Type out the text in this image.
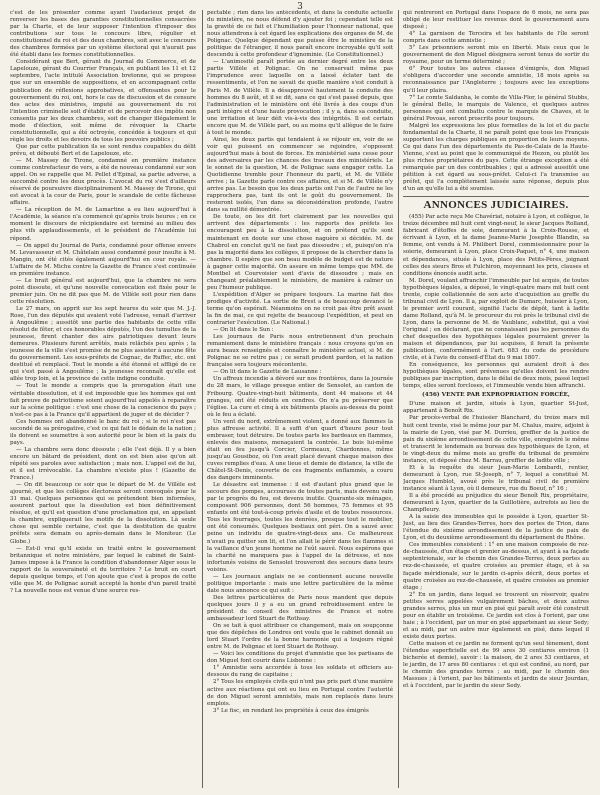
3

c'est de les présenter comme ayant l'audacieux projet de renverser les bases des garanties constitutionnelles consacrées par la Charte, et de leur supposer l'intention d'imposer des contributions sur tous le concours libre, régulier et constitutionnel du roi et des deux chambres, soit avec le concours des chambres formées par un système électoral qui n'aurait pas été établi dans les formes constitutionnelles.

Considérant que Bert, gérant du Journal du Commerce, et de Lapelouze, gérant du Courrier Français, en publiant les 11 et 12 septembre, l'acte intitulé Association bretonne, qui se propose que sur un ensemble de suppositions, et en accompagnant cette publication de réflexions approbatives, et offensantes pour le gouvernement du roi, ont, hors le cas de discussion et de censure des actes des ministres, imputé au gouvernement du roi l'intention criminelle soit d'établir et de percevoir des impôts non consentis par les deux chambres, soit de changer illégalement le mode d'élection, soit même de révoquer la Charte constitutionnelle, qui a été octroyée, concédée à toujours et qui règle les droits et les devoirs de tous les pouvoirs publics ;

Que par cette publication ils se sont rendus coupables du délit prévu, et débouté Bert et de Lapelouze, etc.

— M. Massey de Tirone, condamné en première instance comme contrefacteur de vers, a été de nouveau condamné sur son appel. On se rappelle que M. Pellet d'Epinal, sa partie adverse, a succombé contre les deux procès. L'avocat du roi s'est d'ailleurs réservé de poursuivre disciplinairement M. Massey de Tirone, qui est avocat à la cour de Paris, pour le scandale de cette fâcheuse affaire.

— La réception de M. de Lamartine a eu lieu aujourd'hui à l'Académie, la séance n'a commencé qu'après trois heures ; en ce moment le discours de récipiendaire est terminé au milieu des plus vifs applaudissements, et le président de l'Académie lui répond.

— On appel du Journal de Paris, condamné pour offense envers M. Levavasseur et M. Châtelain aussi condamné pour insulte à M. Mangin, ont été cités également aujourd'hui en cour royale. — L'affaire de M. Michu contre la Gazette de France s'est continuée en première instance.

— Le brait général est aujourd'hui, que la chambre ne sera point dissoute, et qu'une nouvelle convocation est fixée pour le premier juin. On ne dit pas que M. de Villèle soit pour rien dans cette résolution.

Le 27 mars, on apprit sur les sept heures du soir que M. J.-J. Rose, l'un des députés qui avaient voté l'adresse, venait d'arriver à Angoulême ; aussitôt une partie des habitants de cette ville résolut de fêter, et ces honorables députés, l'un des tumultes de la jeunesse, firent chanter des airs patriotiques devant leurs demeures. Plusieurs furent arrêtés, mais relâchés peu après ; la jeunesse de la ville s'est promise de ne plus assister à aucune fête du gouvernement. Les sous-préfets de Cognac, de Ruffec, etc. ont destitué et remplacé. Tout le monde a été étonné et affligé de ce qui s'est passé à Angoulême ; la jeunesse reconnaît qu'elle est allée trop loin, et la province de cette indigne conduite.

— Tout le monde a compris que la prorogation était une véritable dissolution, et il est impossible que les hommes qui ont fait preuve de patriotisme soient aujourd'hui appelés à reparaître sur la scène politique : c'est une chose de la conscience du pays ; n'est-ce pas à la France qu'il appartient de juger et de décider ?

Ces hommes ont abandonné le banc du roi ; si le roi n'est pas secondé de sa prérogative, c'est ce qui fait le dédain de la nation ; ils doivent se soumettre à son autorité pour le bien et la paix du pays.

— La chambre sera donc dissoute ; elle l'est déjà. Il y a bien encore un bâtard de président, dont on est bien aise qu'on ait répété ses paroles avec satisfaction ; mais non. L'appel est de lui, et il est irrévocable. La chambre n'existe plus ! (Gazette de France.)

— On dit beaucoup ce soir que le départ de M. de Villèle est ajourné, et que les collèges électoraux seront convoqués pour le 31 mai. Quelques personnes qui se prétendent bien informées, assurent partout que la dissolution est bien définitivement résolue, et qu'il est question d'une proclamation qui, en appelant la chambre, expliquerait les motifs de la dissolution. Là seule chose qui semble certaine, c'est que la destitution de quatre préfets sera demain ou après-demain dans le Moniteur. (Le Globe.)

— Est-il vrai qu'il existe un traité entre le gouvernement britannique et notre ministère, par lequel le cabinet de Saint-James impose à la France la condition d'abandonner Alger sous le rapport de la souveraineté et du territoire ? Le bruit en court depuis quelque temps, et l'on ajoute que c'est à propos de cette ville que M. de Polignac aurait accepté la honte d'un pareil traité ? La nouvelle nous est venue d'une source res-

pectable ; rien dans les antécédents, et dans la conduite actuelle du ministère, ne nous défend d'y ajouter foi ; cependant telle est la gravité de ce fait et l'humiliation pour l'honneur national, que nous attendrons à cet égard les explications des organes de M. de Polignac. Quelque dépendant que puisse être le ministère de la politique de l'étranger, il nous paraît encore incroyable qu'il soit descendu à cette profondeur d'ignominie. (Le Constitutionnel.)

— L'animosité paraît portée au dernier degré entre les deux partis Villèle et Polignac. On ne conservait même pas l'imprudence avec laquelle on a laissé éclater tant de ressentiments, et l'on ne savait de quelle manière s'est conduit à Paris M. de Villèle. Il a désapprouvé hautement la conduite des hommes du 8 août, et il se dit, sans ce qui s'est passé depuis, que l'administration et le ministère ont été livrés à des coups d'un parti intègre et d'une haute provocation ; il y a, dans sa conduite, une irritation et leur défi vis-à-vis des intégrités. Il est certain encore que M. de Villèle part, ou au moins qu'il allègue de le faire à tout le monde.

Ainsi, les deux partis qui tendaient à se réjouir en, voir de se voir qui puissent en commencer se rejoindre, s'opposent aujourd'hui mais à bout de forces. En ministériel sans cesse pour des adversaires par les chances des travaux des ministériels. Le le sonnet de la question, M. de Polignac sans engager cette. La Quotidienne tremble pour l'honneur du parti, et M. de Villèle arrive ; la Gazette parle contre ces affaires, et si M. de Villèle n'y arrive pas. Le besoin que les deux partis ont l'un de l'autre ne les rapprochera pas, tant ils ont le goût du gouvernement. Ils resteront isolés, l'un dans sa déconsidération profonde, l'autre dans sa nullité démontrée.

De toute, on les dit fort clairement par les nouvelles qui arrivent des départements : les rapports des préfets les encouragent peu à la dissolution, et on prétend qu'ils sont maintenant en doute sur une chose naguère si décidée. M. de Chabrol en conclut qu'il ne faut pas dissoudre ; et, puisqu'on n'a pas la majorité dans les collèges, il propose de la chercher dans la chambre. Il espère que son beau modèle de budget est de nature à gagner cette majorité. On assure en même temps que MM. de Montbel et Courvoisier sont d'avis de dissoudre ; mais en changeant préalablement le ministère, de manière à calmer un peu l'humeur publique.

L'expédition d'Alger se prépare toujours. La marine fait des prodiges d'activité. La sortie de Brest a de beaucoup devancé le terme qu'on espérait. Néanmoins on ne croit pas être prêt avant la fin de mai, ce qui rejette de beaucoup l'expédition, et peut en contrarier l'exécution. (Le National.)

— On lit dans le Sun :

Les journaux de Paris nous entretiennent d'un prochain remaniement dans le ministère français : nous croyons qu'on en aura beaux renseignés et connaître le ministère actuel, si M. de Polignac ne se retire pas ; ce serait prudent pardon, et la nation française sera toujours mécontente.

— On lit dans le Gazette de Lausanne :

Un affreux incendie a dévoré sur nos frontières, dans la journée du 28 mars, le village presque entier de Sensolet, au canton de Fribourg. Quatre-vingt-huit bâtiments, dont 44 maisons et 44 granges, ont été réduits en cendres. On n'a pu préserver que l'église. La cure et cinq à six bâtiments placés au-dessus du point où le feu a éclaté.

Un vent du nord, extrêmement violent, a donné aux flammes la plus affreuse activité. Il a suffi d'un quart d'heure pour tout embraser, tout détruire. De toutes parts les bardeaux en flammes, enlevés des maisons, menaçaient la contrée. Le bois lui-même était en feu jusqu'à Corcier, Cormeaux, Chardonnes, même jusqu'au Gousiboz, où l'on avait placé devant chaque maison des cuves remplies d'eau. A une lieue et demie de distance, la ville de Châtel-St-Denis, couverte de ces fragments enflammés, a couru des dangers imminents.

Le désastre est immense : il est d'autant plus grand que le secours des pompes, accourues de toutes parts, mais devenu vain par le progrès du feu, est devenu inutile. Quarante-six ménages, composant 906 personnes, dont 56 hommes, 75 femmes et 95 enfants ont été tout-à-coup privés d'asile et de toutes ressources. Tous les fourrages, toutes les denrées, presque tout le mobilier, ont été consumés. Quelques bestiaux ont péri. On a sauvé avec peine un individu de quatre-vingt-deux ans. Ce malheureux n'avait pu quitter son lit, et l'on allait le périr dans les flammes si la vaillance d'un jeune homme ne l'eût sauvé. Nous espérons que la charité ne manquera pas à l'appel de la détresse, et nos infortunés voisins de Sensolet trouveront des secours dans leurs voisins.

— Les journaux anglais ne se contiennent aucune nouvelle politique importante : mais une lettre particulière de la même date nous annonce ce qui suit :

Des lettres particulières de Paris nous mandent que depuis quelques jours il y a eu un grand refroidissement entre le président du conseil des ministres de France et notre ambassadeur lord Stuart de Rothsay.

On se tait à quoi attribuer ce changement, mais on soupçonne que des dépêches de Londres ont voulu que le cabinet donnât au lord Stuart l'ordre de la bonne harmonie qui a toujours régné entre M. de Polignac et lord Stuart de Rothsay.

— Voici les conditions du projet d'amnistie que les partisans de don Miguel font courir dans Lisbonne :

1° Amnistie sera accordée à tous les soldats et officiers au-dessous du rang de capitaine ;

2° Tous les employés civils qui n'ont pas pris part d'une manière active aux réactions qui ont eu lieu en Portugal contre l'autorité de don Miguel seront amnistiés, mais non replacés dans leurs emplois.

3° Le fisc, en rendant les propriétés à ceux des émigrés

qui rentreront en Portugal dans l'espace de 6 mois, ne sera pas obligé de leur restituer les revenus dont le gouvernement aura disposé ;

4° La garnison de Terceira et les habitants de l'île seront compris dans cette amnistie ;

5° Les prisonniers seront mis en liberté. Mais ceux que le gouvernement de don Miguel désignera seront tenus de sortir du royaume, pour un terme déterminé ;

6° Pour toutes les autres classes d'émigrés, don Miguel s'obligera d'accorder une seconde amnistie, 18 mois après sa reconnaissance par l'Angleterre ; toujours avec les exceptions qu'il leur plaira.

7° Le comte Saldanha, le comte de Villa-Flor, le général Stubbs, le général Bello, le marquis de Valence, et quelques autres personnes qui ont combattu contre le marquis de Chaves, et le général Povoas, seront proscrits pour toujours.

Malgré les expressions les plus formelles de la loi et du pacte fondamental de la Charte, il ne paraît point que tous les Français supportent les charges publiques en proportion de leurs moyens. Ce qui dans l'un des départements du Pas-de-Calais de la Haute-Vienne, s'est au point que le communiqué de Hezon, ou plutôt les plus riches propriétaires du pays. Cette étrange exception a été remarquée par un des contribuables ; qui a adressé aussitôt une pétition à cet égard au sous-préfet. Celui-ci l'a transmise au préfet, qui l'a complètement laissée sans réponse, depuis plus d'un an qu'elle lui a été soumise.

ANNONCES JUDICIAIRES.

(455) Par acte reçu Me Chavériat, notaire à Lyon, et collègue, le treize décembre mil huit cent vingt-neuf, le sieur Jacques Rolland, fabricant d'étoffes de soie, demeurant à la Croix-Rousse, et écrivant à Lyon, et la dame Jeanne-Marie Josephte Blandin, sa femme, ont vendu à M. Philibert Dorel, commissionnaire pour la soierie, demeurant à Lyon, place Croix-Paquet, n° 4, une maison et dépendances, située à Lyon, place des Petits-Pères, joignant celles des sieurs Bros et Fulchiron, moyennant les prix, clauses et conditions énoncés audit acte.

M. Dorel, voulant affranchir l'immeuble par lui acquis, de toutes hypothèques légales, a déposé, le vingt-quatre mars mil huit cent trente, copie collationnée de son acte d'acquisition au greffe du tribunal civil de Lyon. Il a, par exploit de Dumarc, huissier à Lyon, le premier avril courant, signifié l'acte de dépôt, tant à ladite dame Rolland, qu'à M. le procureur du roi près le tribunal civil de Lyon, dans la personne de M. de Vaublanc, substitut, qui a visé l'original ; en déclarant, que ne connaissant pas les personnes du chef desquelles des hypothèques légales pourraient grever la maison et dépendances, par lui acquises, il ferait la présente publication, conformément à l'art. 683 du code de procédure civile, et à l'avis du conseil-d'État du 9 mai 1807.

En conséquence, les personnes qui auraient droit à des hypothèques légales, sont prévenues qu'elles doivent les rendre publiques par inscription, dans le délai de deux mois, passé lequel temps, elles seront forcloses, et l'immeuble vendu bien affranchi.

(456) VENTE PAR EXPROPRIATION FORCÉE,

D'une maison et jardin, situés à Lyon, quartier St-Just, appartenant à Benoît Rix.

Par procès-verbal de l'huissier Blanchard, du treize mars mil huit cent trente, visé le même jour par M. Chalus, maire, adjoint à la mairie de Lyon, visé par M. Durrieu, greffier de la justice de paix du sixième arrondissement de cette ville, enregistré le même et transcrit le lendemain au bureau des hypothèques de Lyon, et le vingt-deux du même mois au greffe du tribunal de première instance, et déposé chez M. Barrau, greffier de ladite ville ;

Et à la requête du sieur Jean-Marie Lombardi, rentier, demeurant à Lyon, rue St-Joseph, n° 7, lequel a constitué M. Jacques Humblot, avoué près le tribunal civil de première instance séant à Lyon, où il demeure, rue du Boeuf, n° 16 ;

Il a été procédé au préjudice du sieur Benoît Rix, propriétaire, demeurant à Lyon, quartier de la Guillotière, autrefois au lieu de Champfleury.

A la saisie des immeubles qui le possède à Lyon, quartier St-Just, au lieu des Grandes-Terres, hors des portes de Trion, dans l'étendue du sixième arrondissement de la justice de paix de Lyon, et du deuxième arrondissement du département du Rhône.

Ces immeubles consistent : 1° en une maison composée de rez-de-chaussée, d'un étage et grenier au-dessus, et ayant à sa façade septentrionale, sur le chemin des Grandes-Terres, deux portes au rez-de-chaussée, et quatre croisées au premier étage, et à sa façade méridionale, sur le jardin ci-après décrit, deux portes et quatre croisées au rez-de-chaussée, et quatre croisées au premier étage ;

2° En un jardin, dans lequel se trouvent un réservoir, quatre petites serres appelées vulgairement bâches, et deux autres grandes serres, plus un mur en pisé qui paraît avoir été construit pour en établir un troisième. Ce jardin est clos à l'orient, par une haie ; à l'occident, par un mur en pisé appartenant au sieur Sedy; et au midi, par un autre mur également en pisé, dans lequel il existe deux portes.

Cette maison et ce jardin ne forment qu'un seul tènement, dont l'étendue superficielle est de 99 ares 30 centiares environ (1 bicherée et demie), savoir : la maison, de 2 ares 53 centiares, et le jardin, de 17 ares 80 centiares : et qui est confiné, au nord, par le chemin des grandes terres ; au midi, par le chemin des Massues ; à l'orient, par les bâtiments et jardin de sieur Jourdan, et à l'occident, par le jardin du sieur Sedy.
